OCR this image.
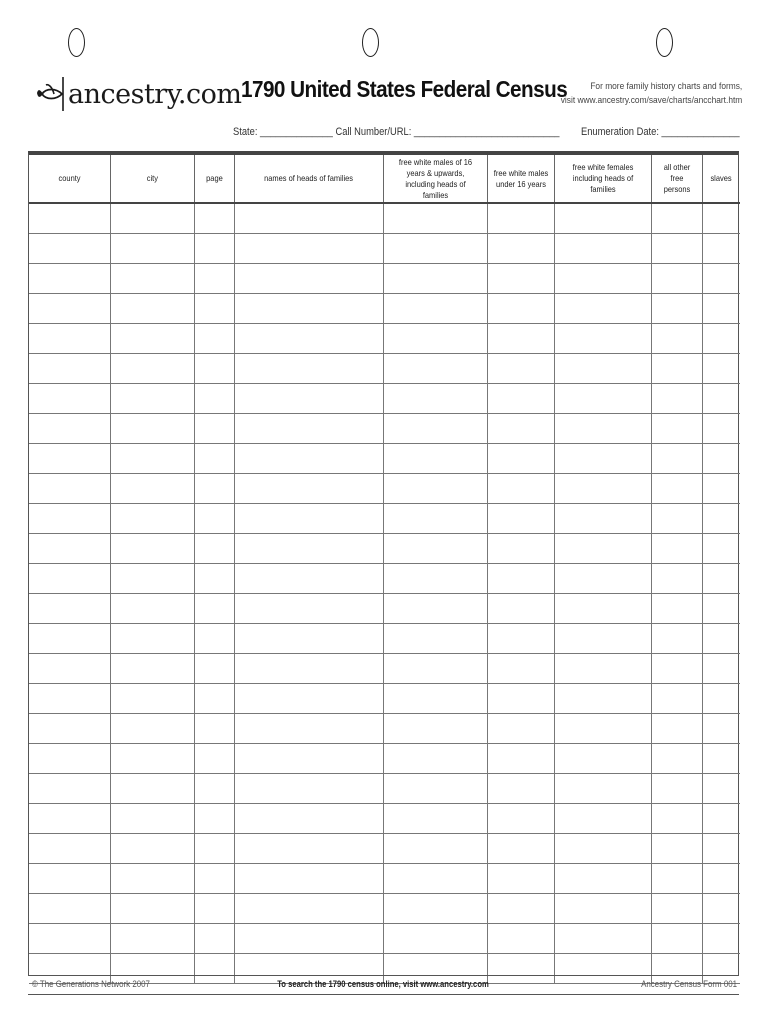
ancestry.com 1790 United States Federal Census	For more family history charts and forms,
visit www.ancestry.com/save/charts/ancchart.htm
State: ______________ Call Number/URL: ____________________________ Enumeration Date: _______________
county	city	page	names of heads of families	free white males of 16 years & upwards, including heads of families	free white males under 16 years	free white females including heads of families	all other free persons	slaves

© The Generations Network 2007	To search the 1790 census online, visit www.ancestry.com	Ancestry Census Form 001
